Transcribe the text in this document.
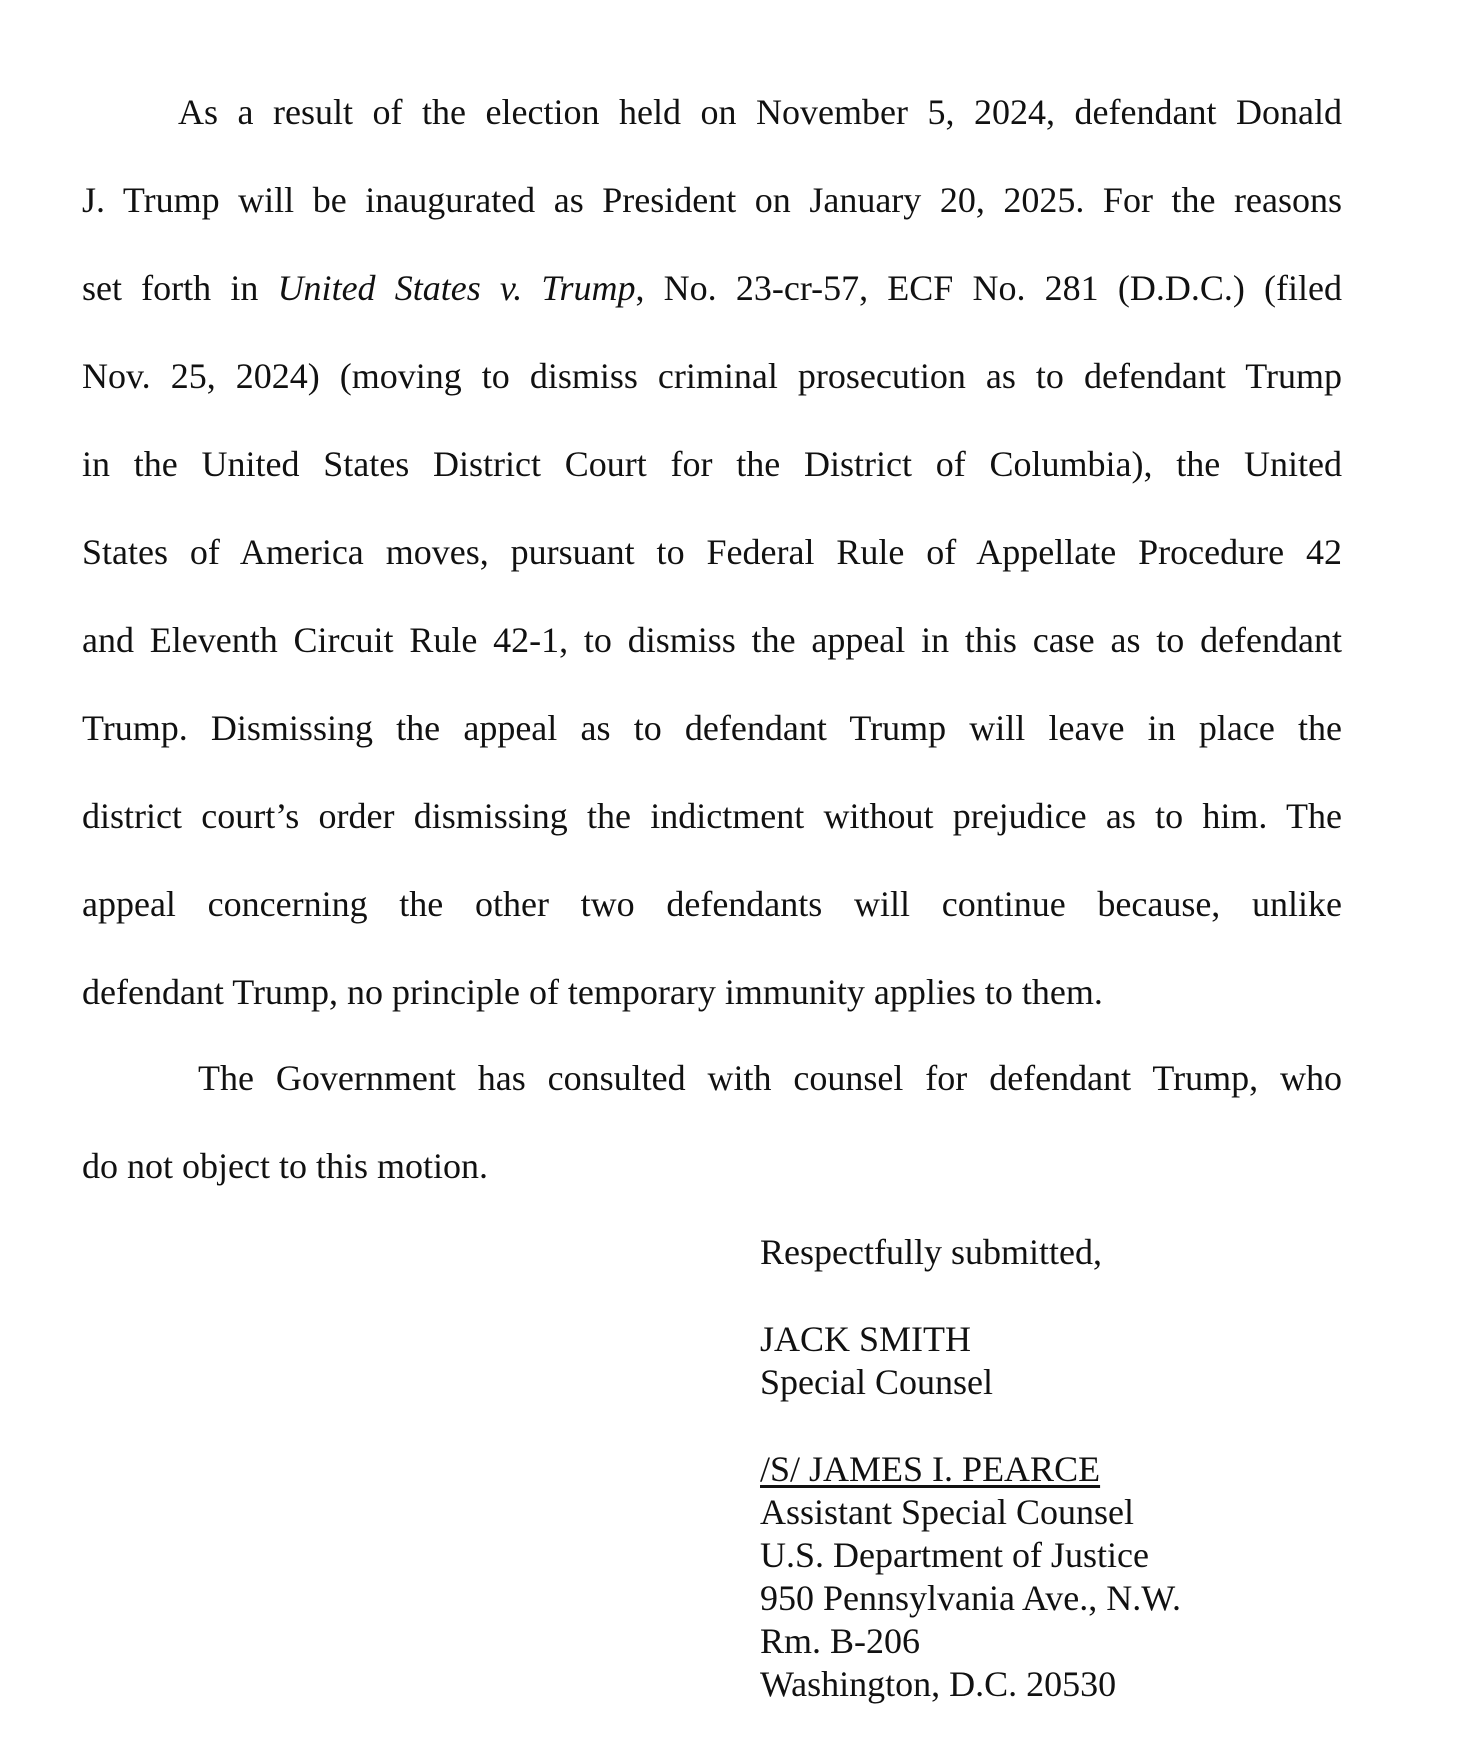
As a result of the election held on November 5, 2024, defendant Donald
J. Trump will be inaugurated as President on January 20, 2025. For the reasons
set forth in United States v. Trump, No. 23-cr-57, ECF No. 281 (D.D.C.) (filed
Nov. 25, 2024) (moving to dismiss criminal prosecution as to defendant Trump
in the United States District Court for the District of Columbia), the United
States of America moves, pursuant to Federal Rule of Appellate Procedure 42
and Eleventh Circuit Rule 42-1, to dismiss the appeal in this case as to defendant
Trump. Dismissing the appeal as to defendant Trump will leave in place the
district court’s order dismissing the indictment without prejudice as to him. The
appeal concerning the other two defendants will continue because, unlike
defendant Trump, no principle of temporary immunity applies to them.
The Government has consulted with counsel for defendant Trump, who
do not object to this motion.
Respectfully submitted,
JACK SMITH
Special Counsel
/S/ JAMES I. PEARCE
Assistant Special Counsel
U.S. Department of Justice
950 Pennsylvania Ave., N.W.
Rm. B-206
Washington, D.C. 20530
